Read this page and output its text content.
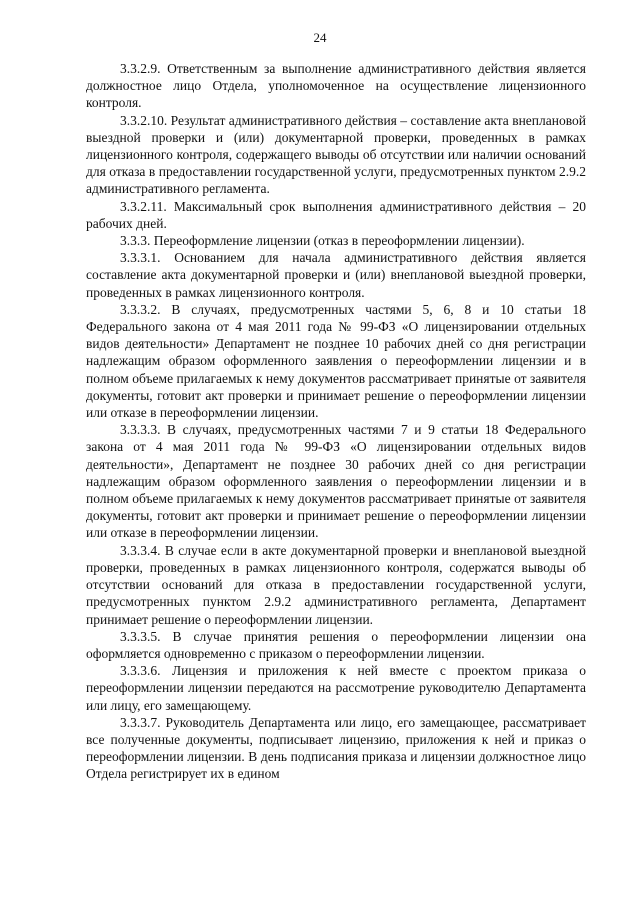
24

3.3.2.9. Ответственным за выполнение административного действия является должностное лицо Отдела, уполномоченное на осуществление лицензионного контроля.

3.3.2.10. Результат административного действия – составление акта внеплановой выездной проверки и (или) документарной проверки, проведенных в рамках лицензионного контроля, содержащего выводы об отсутствии или наличии оснований для отказа в предоставлении государственной услуги, предусмотренных пунктом 2.9.2 административного регламента.

3.3.2.11. Максимальный срок выполнения административного действия – 20 рабочих дней.

3.3.3. Переоформление лицензии (отказ в переоформлении лицензии).

3.3.3.1. Основанием для начала административного действия является составление акта документарной проверки и (или) внеплановой выездной проверки, проведенных в рамках лицензионного контроля.

3.3.3.2. В случаях, предусмотренных частями 5, 6, 8 и 10 статьи 18 Федерального закона от 4 мая 2011 года № 99-ФЗ «О лицензировании отдельных видов деятельности» Департамент не позднее 10 рабочих дней со дня регистрации надлежащим образом оформленного заявления о переоформлении лицензии и в полном объеме прилагаемых к нему документов рассматривает принятые от заявителя документы, готовит акт проверки и принимает решение о переоформлении лицензии или отказе в переоформлении лицензии.

3.3.3.3. В случаях, предусмотренных частями 7 и 9 статьи 18 Федерального закона от 4 мая 2011 года № 99-ФЗ «О лицензировании отдельных видов деятельности», Департамент не позднее 30 рабочих дней со дня регистрации надлежащим образом оформленного заявления о переоформлении лицензии и в полном объеме прилагаемых к нему документов рассматривает принятые от заявителя документы, готовит акт проверки и принимает решение о переоформлении лицензии или отказе в переоформлении лицензии.

3.3.3.4. В случае если в акте документарной проверки и внеплановой выездной проверки, проведенных в рамках лицензионного контроля, содержатся выводы об отсутствии оснований для отказа в предоставлении государственной услуги, предусмотренных пунктом 2.9.2 административного регламента, Департамент принимает решение о переоформлении лицензии.

3.3.3.5. В случае принятия решения о переоформлении лицензии она оформляется одновременно с приказом о переоформлении лицензии.

3.3.3.6. Лицензия и приложения к ней вместе с проектом приказа о переоформлении лицензии передаются на рассмотрение руководителю Департамента или лицу, его замещающему.

3.3.3.7. Руководитель Департамента или лицо, его замещающее, рассматривает все полученные документы, подписывает лицензию, приложения к ней и приказ о переоформлении лицензии. В день подписания приказа и лицензии должностное лицо Отдела регистрирует их в едином
